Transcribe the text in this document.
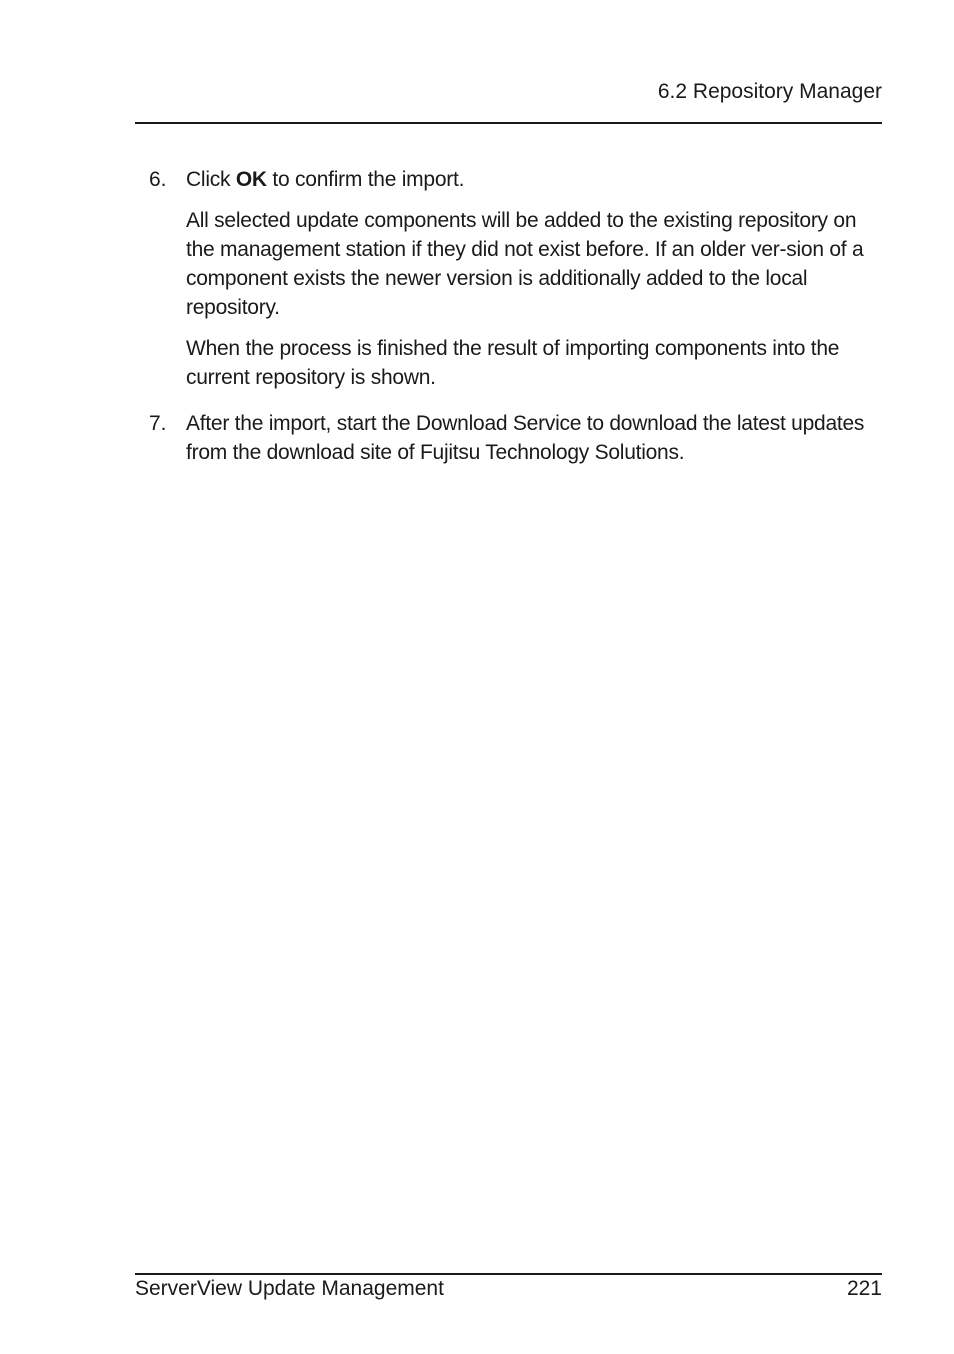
6.2 Repository Manager
6. Click OK to confirm the import.

All selected update components will be added to the existing repository on the management station if they did not exist before. If an older ver-sion of a component exists the newer version is additionally added to the local repository.

When the process is finished the result of importing components into the current repository is shown.

7. After the import, start the Download Service to download the latest updates from the download site of Fujitsu Technology Solutions.

ServerView Update Management	221
